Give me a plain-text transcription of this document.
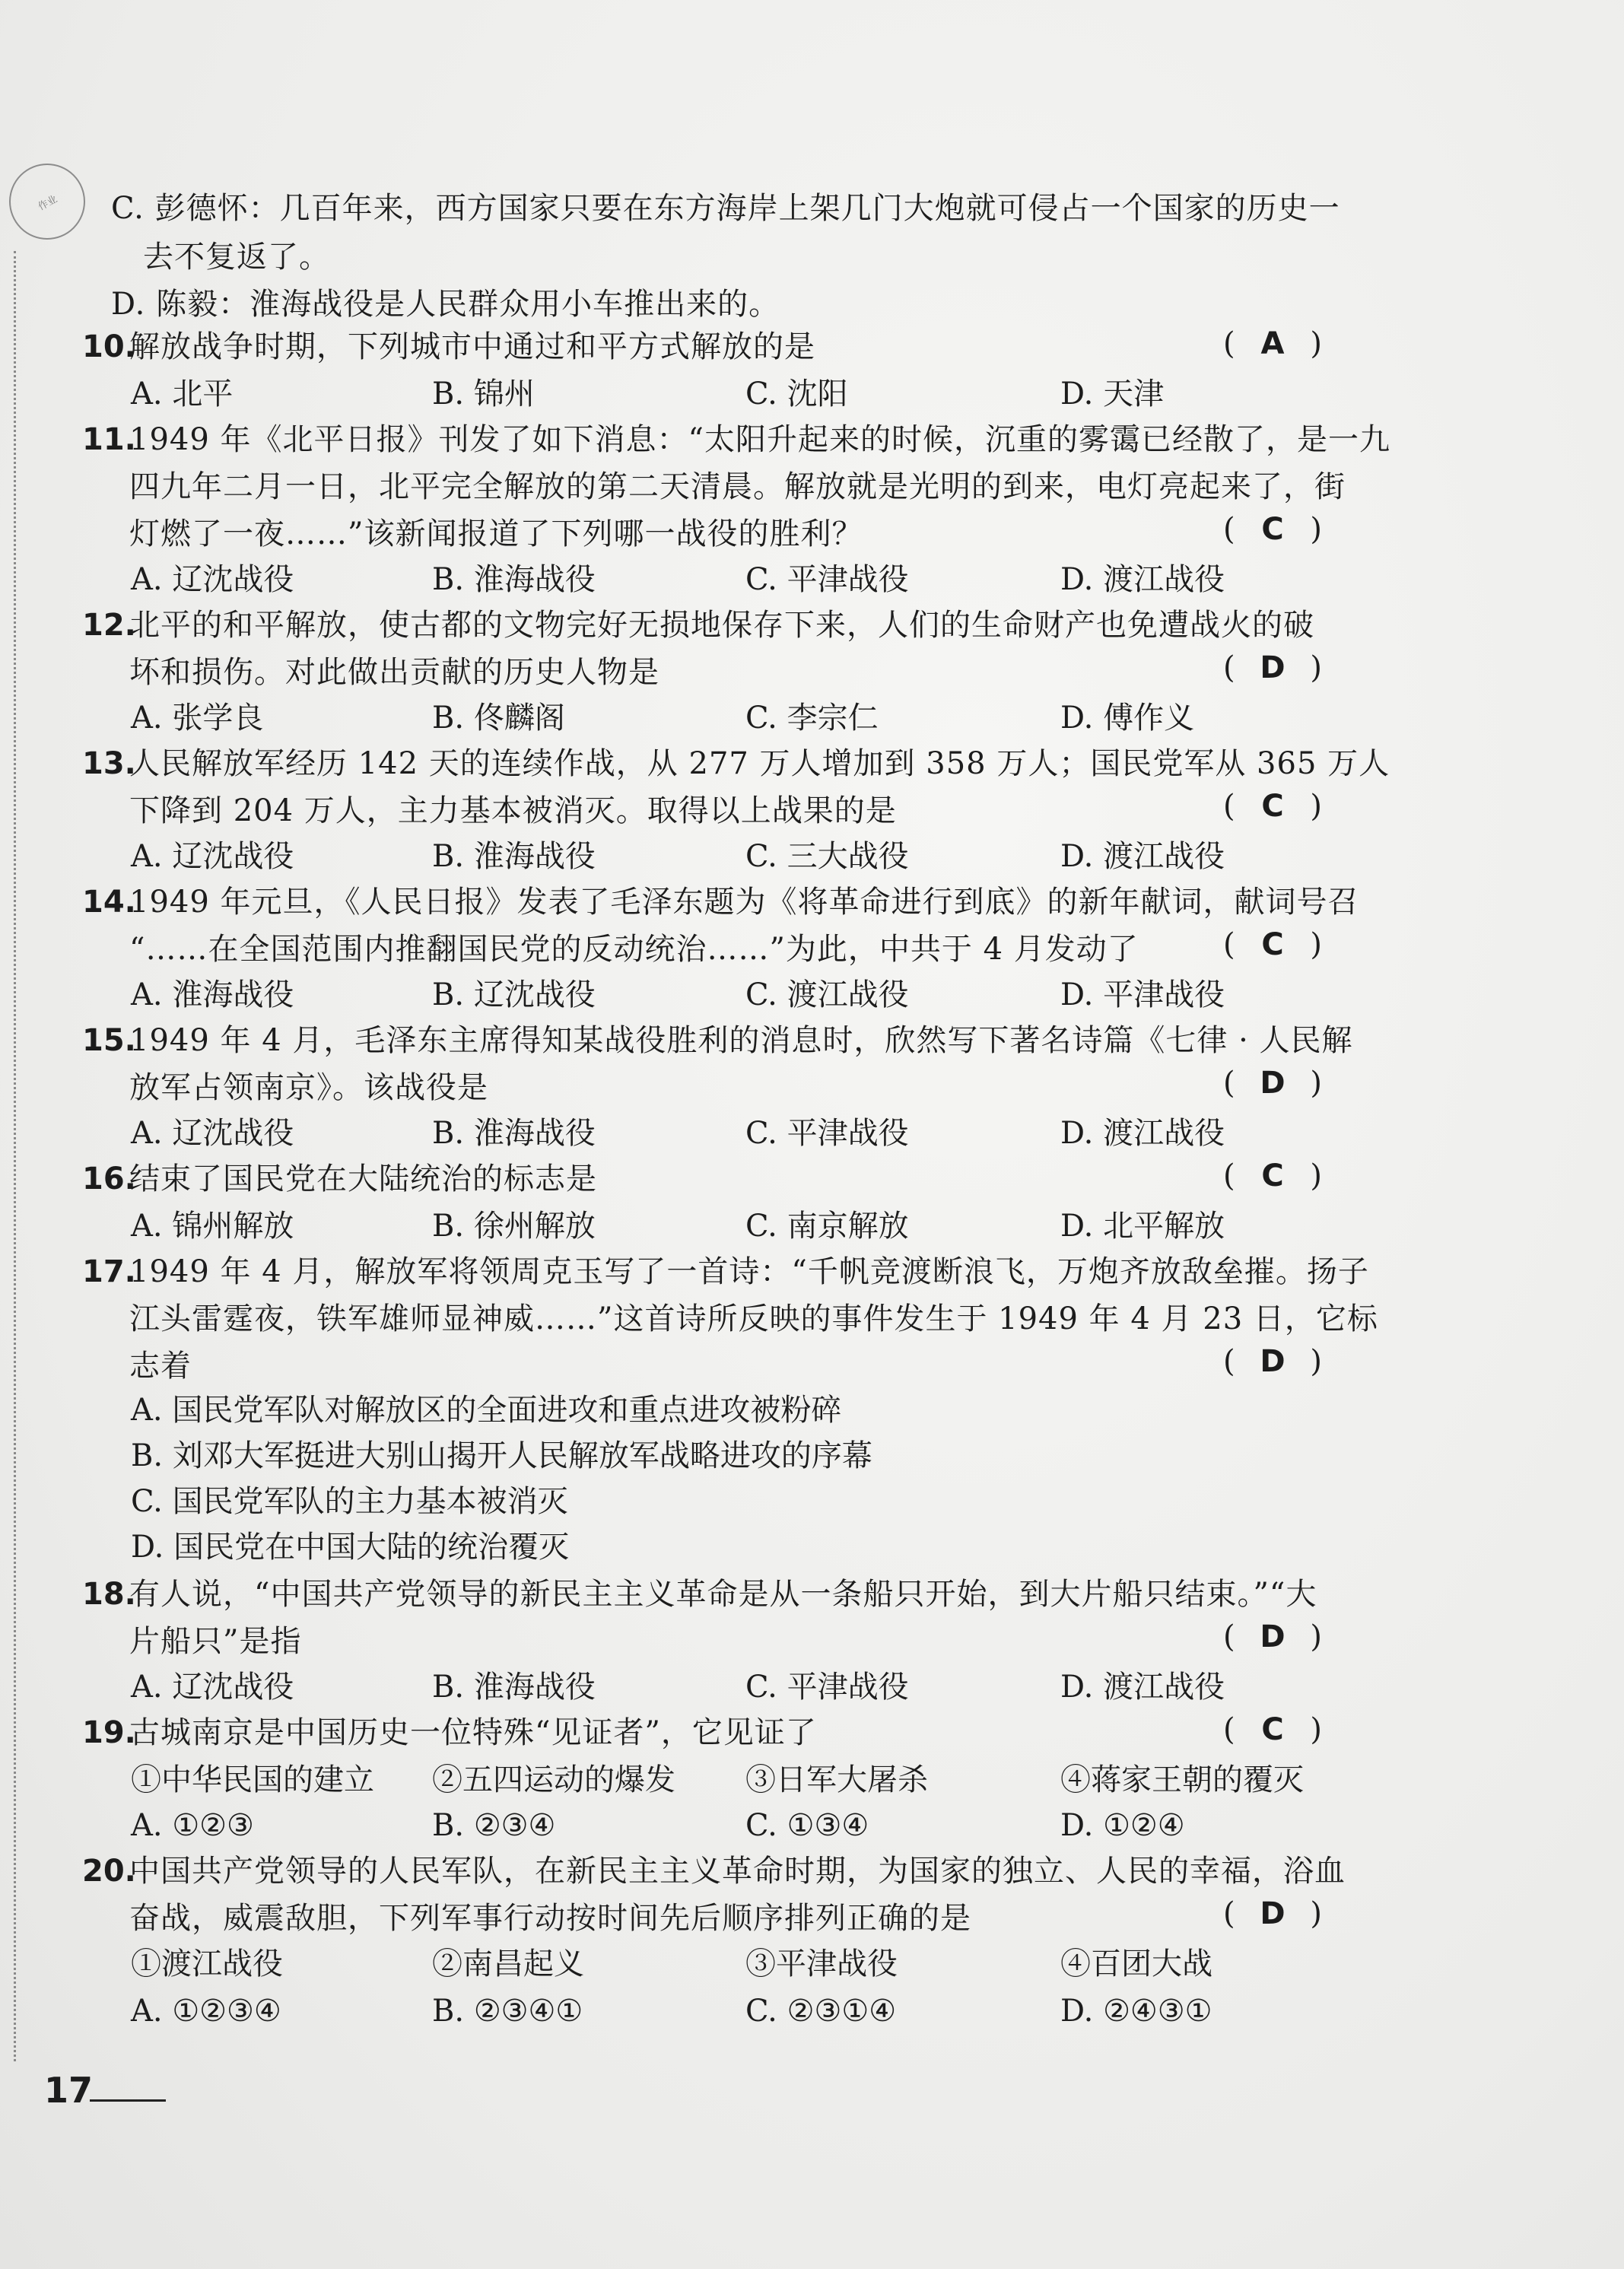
作业 C. 彭德怀：几百年来，西方国家只要在东方海岸上架几门大炮就可侵占一个国家的历史一
去不复返了。
D. 陈毅：淮海战役是人民群众用小车推出来的。
10.
解放战争时期，下列城市中通过和平方式解放的是	( A )
A. 北平	B. 锦州	C. 沈阳	D. 天津
11.
1949 年《北平日报》刊发了如下消息：“太阳升起来的时候，沉重的雾霭已经散了，是一九
四九年二月一日，北平完全解放的第二天清晨。解放就是光明的到来，电灯亮起来了，街
灯燃了一夜……”该新闻报道了下列哪一战役的胜利？	( C )
A. 辽沈战役	B. 淮海战役	C. 平津战役	D. 渡江战役
12.
北平的和平解放，使古都的文物完好无损地保存下来，人们的生命财产也免遭战火的破
坏和损伤。对此做出贡献的历史人物是	( D )
A. 张学良	B. 佟麟阁	C. 李宗仁	D. 傅作义
13.
人民解放军经历 142 天的连续作战，从 277 万人增加到 358 万人；国民党军从 365 万人
下降到 204 万人，主力基本被消灭。取得以上战果的是	( C )
A. 辽沈战役	B. 淮海战役	C. 三大战役	D. 渡江战役
14.
1949 年元旦，《人民日报》发表了毛泽东题为《将革命进行到底》的新年献词，献词号召
“……在全国范围内推翻国民党的反动统治……”为此，中共于 4 月发动了	( C )
A. 淮海战役	B. 辽沈战役	C. 渡江战役	D. 平津战役
15.
1949 年 4 月，毛泽东主席得知某战役胜利的消息时，欣然写下著名诗篇《七律 · 人民解
放军占领南京》。该战役是	( D )
A. 辽沈战役	B. 淮海战役	C. 平津战役	D. 渡江战役
16.
结束了国民党在大陆统治的标志是	( C )
A. 锦州解放	B. 徐州解放	C. 南京解放	D. 北平解放
17.
1949 年 4 月，解放军将领周克玉写了一首诗：“千帆竞渡断浪飞，万炮齐放敌垒摧。扬子
江头雷霆夜，铁军雄师显神威……”这首诗所反映的事件发生于 1949 年 4 月 23 日，它标
志着	( D )
A. 国民党军队对解放区的全面进攻和重点进攻被粉碎
B. 刘邓大军挺进大别山揭开人民解放军战略进攻的序幕
C. 国民党军队的主力基本被消灭
D. 国民党在中国大陆的统治覆灭
18.
有人说，“中国共产党领导的新民主主义革命是从一条船只开始，到大片船只结束。”“大
片船只”是指	( D )
A. 辽沈战役	B. 淮海战役	C. 平津战役	D. 渡江战役
19.
古城南京是中国历史一位特殊“见证者”，它见证了	( C )
①中华民国的建立 ②五四运动的爆发 ③日军大屠杀	④蒋家王朝的覆灭
A. ①②③	B. ②③④	C. ①③④	D. ①②④
20.
中国共产党领导的人民军队，在新民主主义革命时期，为国家的独立、人民的幸福，浴血
奋战，威震敌胆，下列军事行动按时间先后顺序排列正确的是	( D )
①渡江战役	②南昌起义	③平津战役	④百团大战
A. ①②③④	B. ②③④①	C. ②③①④	D. ②④③①
17
